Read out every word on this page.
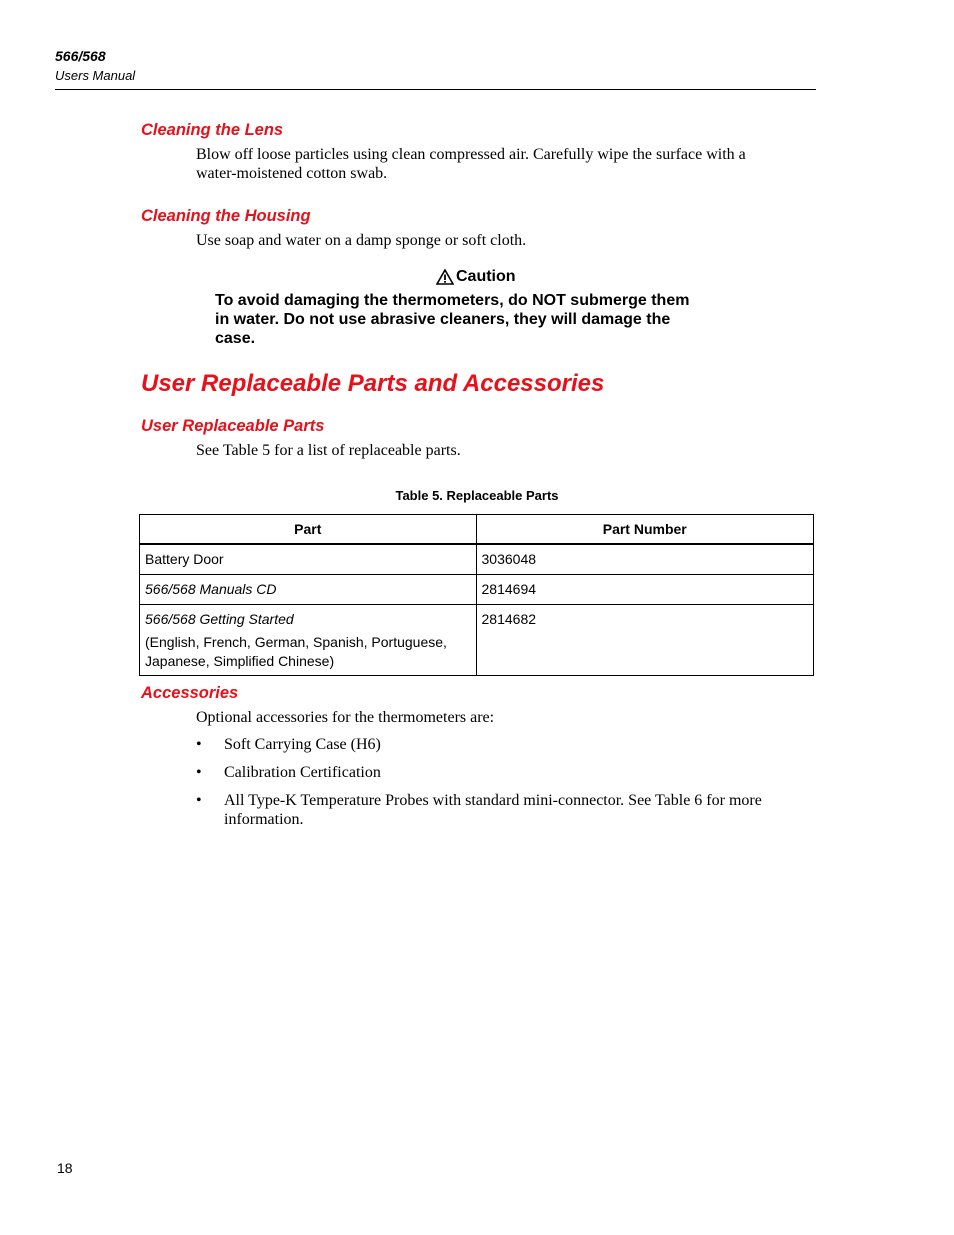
566/568
Users Manual
Cleaning the Lens
Blow off loose particles using clean compressed air. Carefully wipe the surface with a
water-moistened cotton swab.
Cleaning the Housing
Use soap and water on a damp sponge or soft cloth.
Caution
To avoid damaging the thermometers, do NOT submerge them
in water. Do not use abrasive cleaners, they will damage the
case.
User Replaceable Parts and Accessories
User Replaceable Parts
See Table 5 for a list of replaceable parts.
Table 5. Replaceable Parts
Part	Part Number
Battery Door	3036048
566/568 Manuals CD	2814694
566/568 Getting Started
(English, French, German, Spanish, Portuguese,
Japanese, Simplified Chinese)	2814682
Accessories
Optional accessories for the thermometers are:
• Soft Carrying Case (H6)
• Calibration Certification
• All Type-K Temperature Probes with standard mini-connector. See Table 6 for more
information.
18
